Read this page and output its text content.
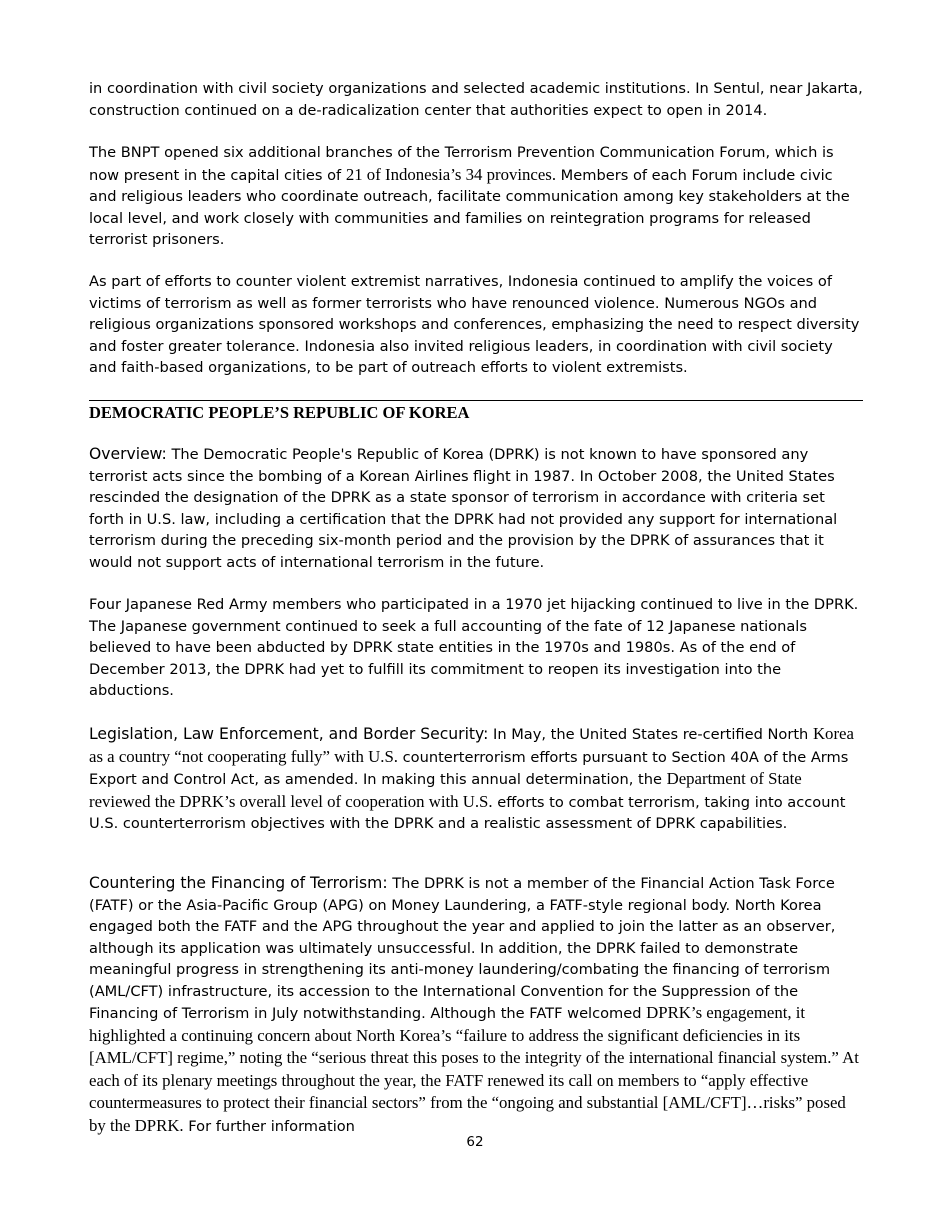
in coordination with civil society organizations and selected academic institutions. In Sentul, near Jakarta, construction continued on a de-radicalization center that authorities expect to open in 2014.

The BNPT opened six additional branches of the Terrorism Prevention Communication Forum, which is now present in the capital cities of 21 of Indonesia’s 34 provinces. Members of each Forum include civic and religious leaders who coordinate outreach, facilitate communication among key stakeholders at the local level, and work closely with communities and families on reintegration programs for released terrorist prisoners.

As part of efforts to counter violent extremist narratives, Indonesia continued to amplify the voices of victims of terrorism as well as former terrorists who have renounced violence. Numerous NGOs and religious organizations sponsored workshops and conferences, emphasizing the need to respect diversity and foster greater tolerance. Indonesia also invited religious leaders, in coordination with civil society and faith-based organizations, to be part of outreach efforts to violent extremists.

DEMOCRATIC PEOPLE’S REPUBLIC OF KOREA

Overview: The Democratic People's Republic of Korea (DPRK) is not known to have sponsored any terrorist acts since the bombing of a Korean Airlines flight in 1987. In October 2008, the United States rescinded the designation of the DPRK as a state sponsor of terrorism in accordance with criteria set forth in U.S. law, including a certification that the DPRK had not provided any support for international terrorism during the preceding six-month period and the provision by the DPRK of assurances that it would not support acts of international terrorism in the future.

Four Japanese Red Army members who participated in a 1970 jet hijacking continued to live in the DPRK. The Japanese government continued to seek a full accounting of the fate of 12 Japanese nationals believed to have been abducted by DPRK state entities in the 1970s and 1980s. As of the end of December 2013, the DPRK had yet to fulfill its commitment to reopen its investigation into the abductions.

Legislation, Law Enforcement, and Border Security: In May, the United States re-certified North Korea as a country “not cooperating fully” with U.S. counterterrorism efforts pursuant to Section 40A of the Arms Export and Control Act, as amended. In making this annual determination, the Department of State reviewed the DPRK’s overall level of cooperation with U.S. efforts to combat terrorism, taking into account U.S. counterterrorism objectives with the DPRK and a realistic assessment of DPRK capabilities.

Countering the Financing of Terrorism: The DPRK is not a member of the Financial Action Task Force (FATF) or the Asia-Pacific Group (APG) on Money Laundering, a FATF-style regional body. North Korea engaged both the FATF and the APG throughout the year and applied to join the latter as an observer, although its application was ultimately unsuccessful. In addition, the DPRK failed to demonstrate meaningful progress in strengthening its anti-money laundering/combating the financing of terrorism (AML/CFT) infrastructure, its accession to the International Convention for the Suppression of the Financing of Terrorism in July notwithstanding. Although the FATF welcomed DPRK’s engagement, it highlighted a continuing concern about North Korea’s “failure to address the significant deficiencies in its [AML/CFT] regime,” noting the “serious threat this poses to the integrity of the international financial system.” At each of its plenary meetings throughout the year, the FATF renewed its call on members to “apply effective countermeasures to protect their financial sectors” from the “ongoing and substantial [AML/CFT]…risks” posed by the DPRK. For further information

62
